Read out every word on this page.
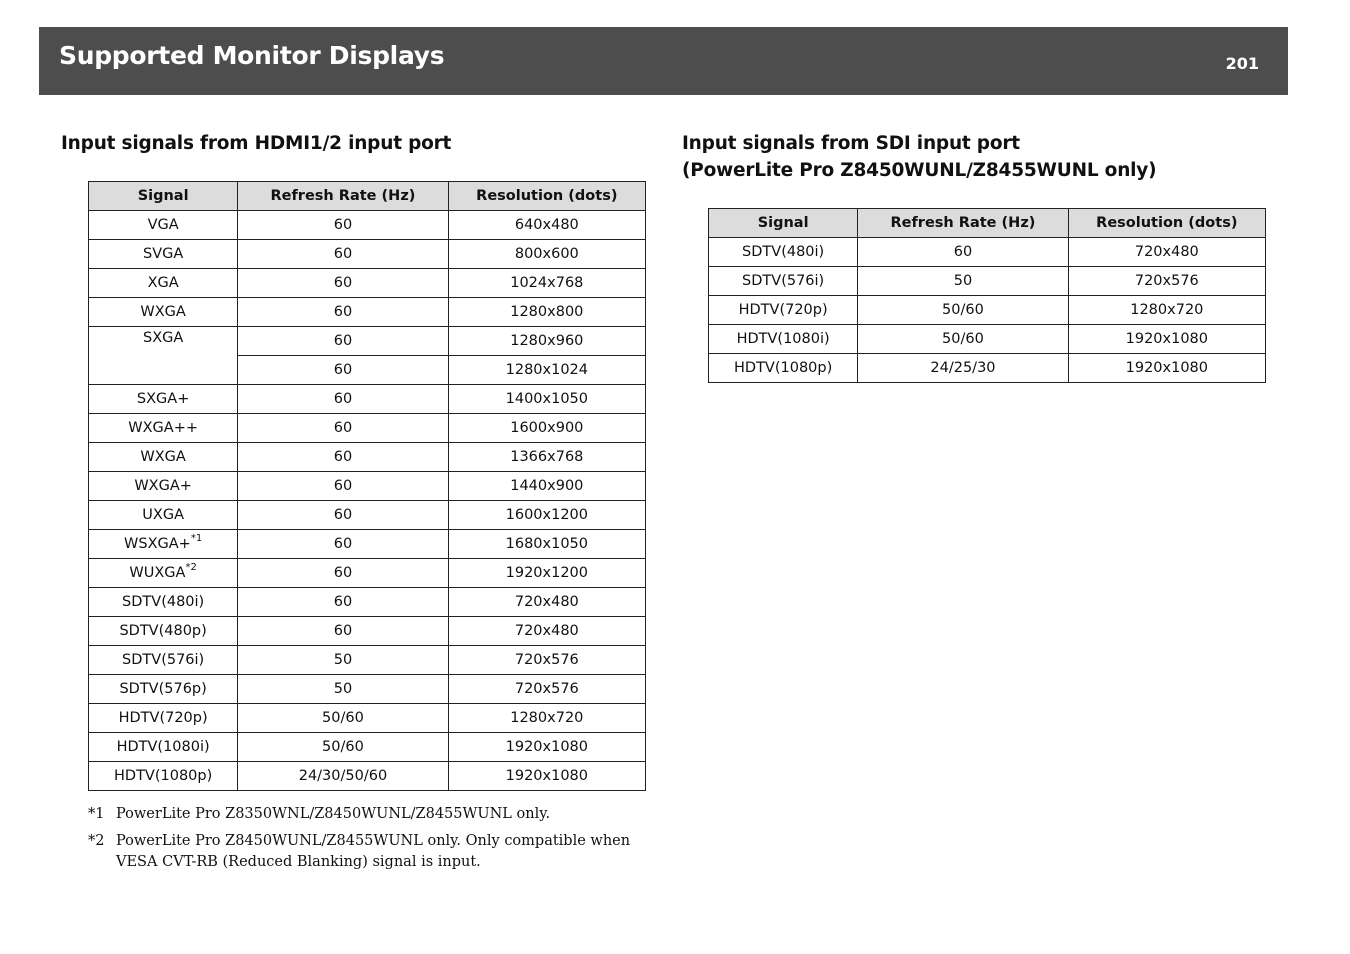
Supported Monitor Displays	201
Input signals from HDMI1/2 input port	Input signals from SDI input port
(PowerLite Pro Z8450WUNL/Z8455WUNL only)
Signal	Refresh Rate (Hz)	Resolution (dots)
VGA	60	640x480
SVGA	60	800x600
XGA	60	1024x768
WXGA	60	1280x800
SXGA	60	1280x960
	60	1280x1024
SXGA+	60	1400x1050
WXGA++	60	1600x900
WXGA	60	1366x768
WXGA+	60	1440x900
UXGA	60	1600x1200
WSXGA+$^{*1}$	60	1680x1050
WUXGA$^{*2}$	60	1920x1200
SDTV(480i)	60	720x480
SDTV(480p)	60	720x480
SDTV(576i)	50	720x576
SDTV(576p)	50	720x576
HDTV(720p)	50/60	1280x720
HDTV(1080i)	50/60	1920x1080
HDTV(1080p)	24/30/50/60	1920x1080
Signal	Refresh Rate (Hz)	Resolution (dots)
SDTV(480i)	60	720x480
SDTV(576i)	50	720x576
HDTV(720p)	50/60	1280x720
HDTV(1080i)	50/60	1920x1080
HDTV(1080p)	24/25/30	1920x1080
*1 PowerLite Pro Z8350WNL/Z8450WUNL/Z8455WUNL only.
*2 PowerLite Pro Z8450WUNL/Z8455WUNL only. Only compatible when VESA CVT-RB (Reduced Blanking) signal is input.
